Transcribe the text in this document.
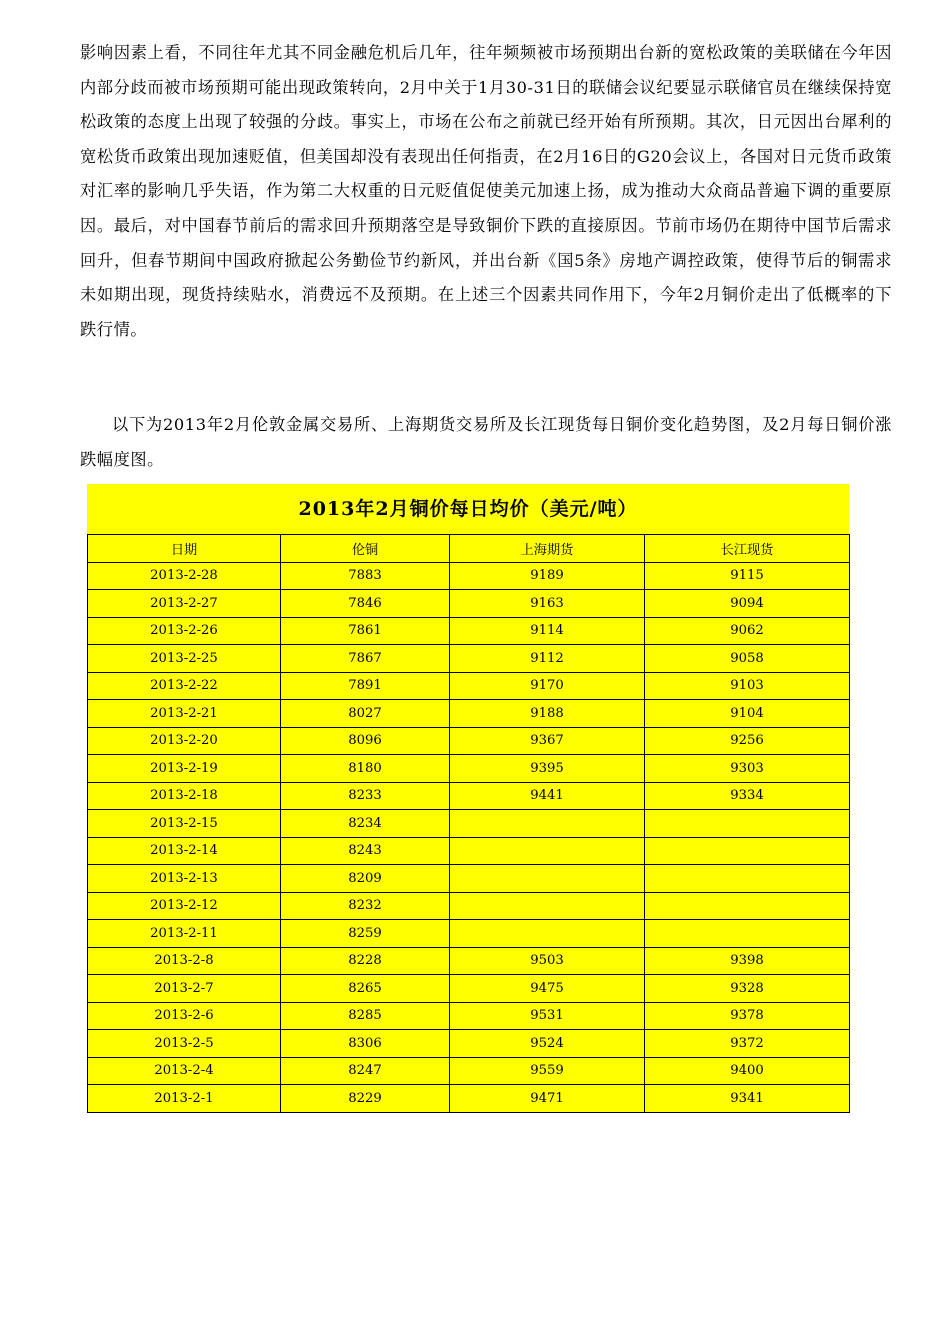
影响因素上看，不同往年尤其不同金融危机后几年，往年频频被市场预期出台新的宽松政策的美联储在今年因内部分歧而被市场预期可能出现政策转向，2月中关于1月30-31日的联储会议纪要显示联储官员在继续保持宽松政策的态度上出现了较强的分歧。事实上，市场在公布之前就已经开始有所预期。其次，日元因出台犀利的宽松货币政策出现加速贬值，但美国却没有表现出任何指责，在2月16日的G20会议上，各国对日元货币政策对汇率的影响几乎失语，作为第二大权重的日元贬值促使美元加速上扬，成为推动大众商品普遍下调的重要原因。最后，对中国春节前后的需求回升预期落空是导致铜价下跌的直接原因。节前市场仍在期待中国节后需求回升，但春节期间中国政府掀起公务勤俭节约新风，并出台新《国5条》房地产调控政策，使得节后的铜需求未如期出现，现货持续贴水，消费远不及预期。在上述三个因素共同作用下，今年2月铜价走出了低概率的下跌行情。
以下为2013年2月伦敦金属交易所、上海期货交易所及长江现货每日铜价变化趋势图，及2月每日铜价涨跌幅度图。
2013年2月铜价每日均价（美元/吨）
日期	伦铜	上海期货	长江现货
2013-2-28	7883	9189	9115
2013-2-27	7846	9163	9094
2013-2-26	7861	9114	9062
2013-2-25	7867	9112	9058
2013-2-22	7891	9170	9103
2013-2-21	8027	9188	9104
2013-2-20	8096	9367	9256
2013-2-19	8180	9395	9303
2013-2-18	8233	9441	9334
2013-2-15	8234		
2013-2-14	8243		
2013-2-13	8209		
2013-2-12	8232		
2013-2-11	8259		
2013-2-8	8228	9503	9398
2013-2-7	8265	9475	9328
2013-2-6	8285	9531	9378
2013-2-5	8306	9524	9372
2013-2-4	8247	9559	9400
2013-2-1	8229	9471	9341
